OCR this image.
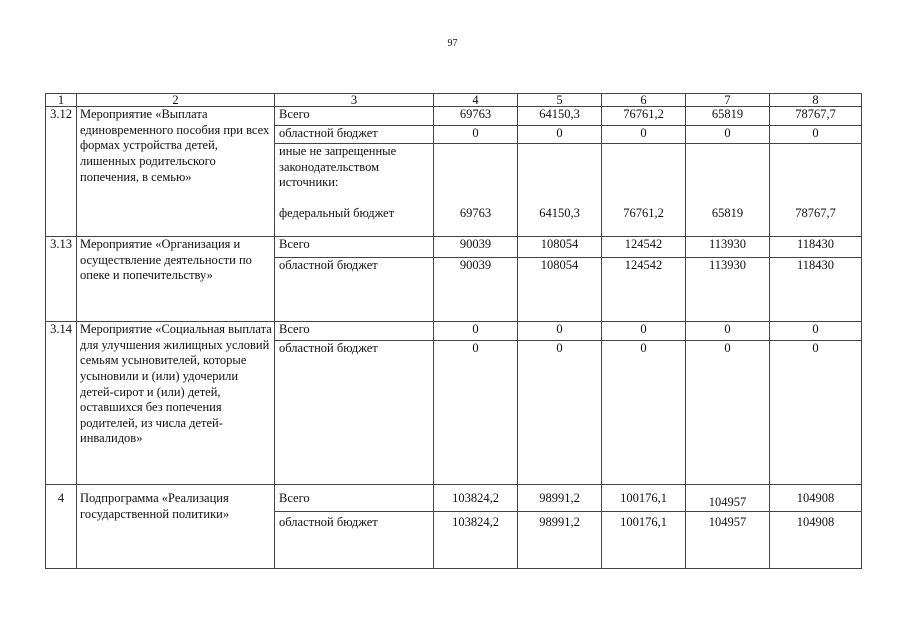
97
1	2	3	4	5	6	7	8
3.12	Мероприятие «Выплата единовременного пособия при всех формах устройства детей, лишенных родительского попечения, в семью»	Всего	69763	64150,3	76761,2	65819	78767,7
		областной бюджет	0	0	0	0	0
		иные не запрещенные законодательством источники:					
		федеральный бюджет	69763	64150,3	76761,2	65819	78767,7
3.13	Мероприятие «Организация и осуществление деятельности по опеке и попечительству»	Всего	90039	108054	124542	113930	118430
		областной бюджет	90039	108054	124542	113930	118430
3.14	Мероприятие «Социальная выплата для улучшения жилищных условий семьям усыновителей, которые усыновили и (или) удочерили детей-сирот и (или) детей, оставшихся без попечения родителей, из числа детей-инвалидов»	Всего	0	0	0	0	0
		областной бюджет	0	0	0	0	0
4	Подпрограмма «Реализация государственной политики»	Всего	103824,2	98991,2	100176,1	104957	104908
		областной бюджет	103824,2	98991,2	100176,1	104957	104908
